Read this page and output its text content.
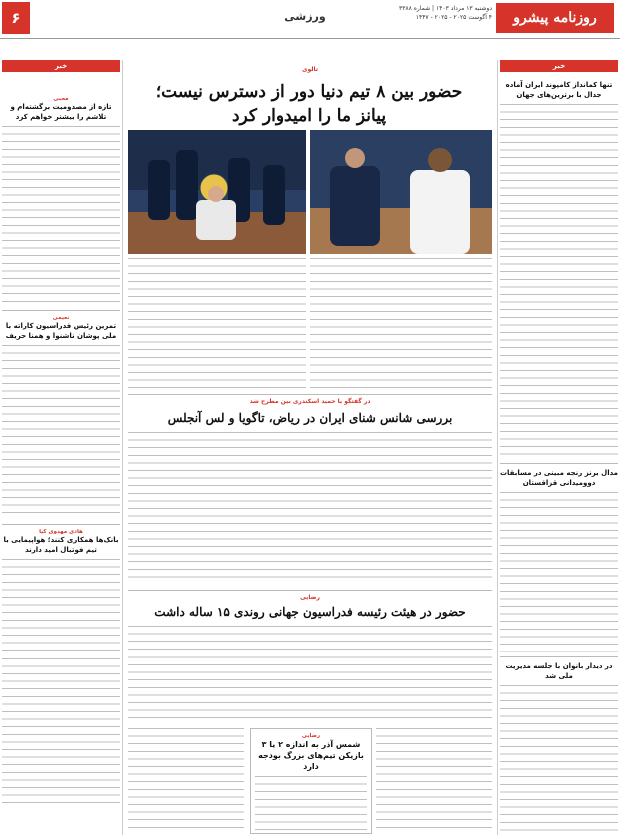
روزنامه پیشرو
دوشنبه ۱۳ مرداد ۱۴۰۳ | شماره ۳۳۸۸
۴ آگوست ۲۰۲۵ - ۲۰۲۵ - ۱۴۴۷
ورزشی
۶
خبر
محبی
تازه از مصدومیت برگشته‌ام و تلاشم را بیشتر خواهم کرد
نعیمی
تمرین رئیس فدراسیون کاراته با ملی پوشان ناشنوا و همنا حریف
هادی مهدوی کیا
بانک‌ها همکاری کنند؛ هواپیمایی با تیم فوتبال امید دارند
خبر
تنها کمانداز کامپوند ایران آماده جدال با برترین‌های جهان
مدال برنز رنجه مبینی در مسابقات دوومیدانی قزاقستان
در دیدار بانوان با جلسه مدیریت ملی شد
تالوی
حضور بین ۸ تیم دنیا دور از دسترس نیست؛
پیانز ما را امیدوار کرد
در گفتگو با حمید اسکندری بین مطرح شد
بررسی شانس شنای ایران در ریاض، تاگویا و لس آنجلس
رضایی
حضور در هیئت رئیسه فدراسیون جهانی روندی ۱۵ ساله داشت
رضایی
شمس آذر به اندازه ۲ یا ۳ بازیکن تیم‌های بزرگ بودجه دارد
